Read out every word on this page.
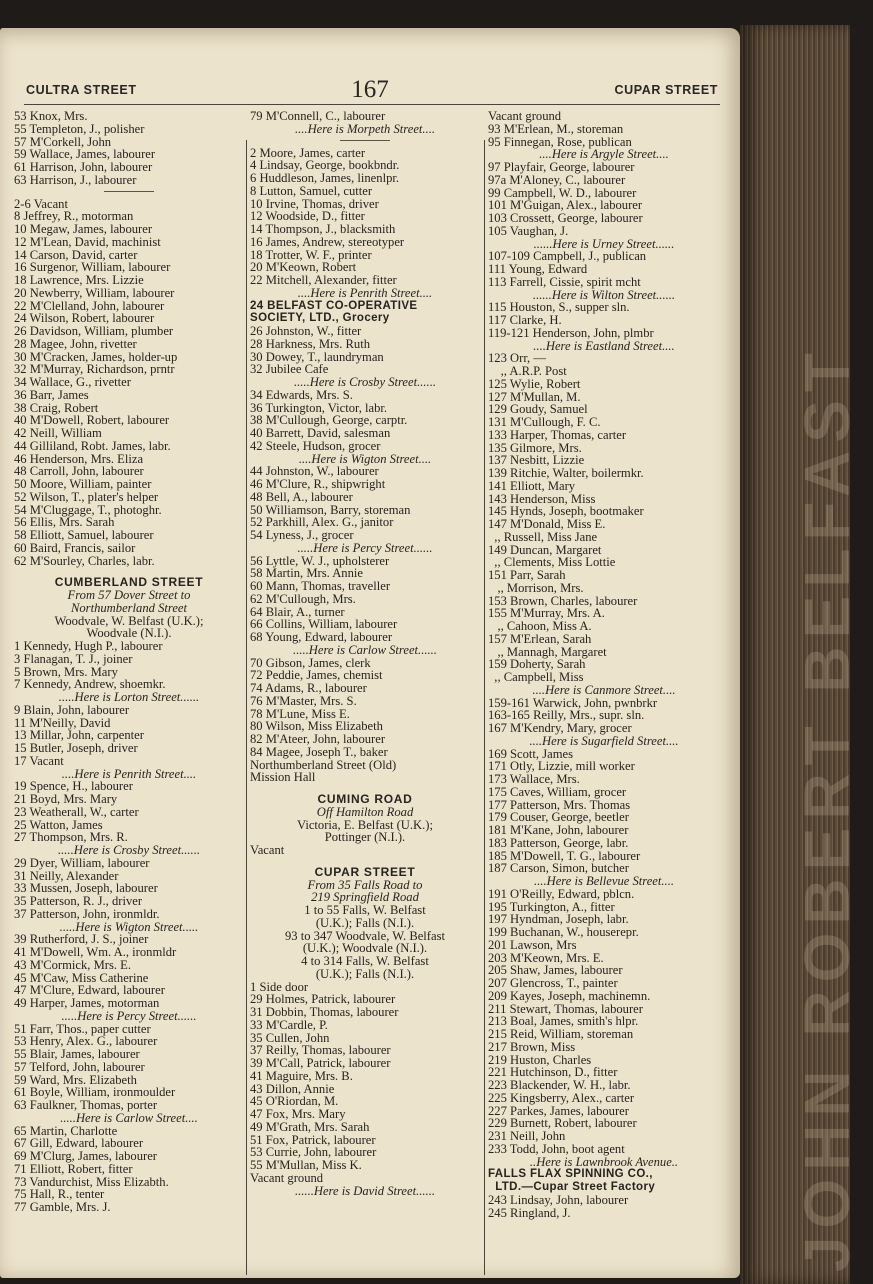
JOHN ROBERT BELFAST
CULTRA STREET	167	CUPAR STREET
53 Knox, Mrs.
55 Templeton, J., polisher
57 M'Corkell, John
59 Wallace, James, labourer
61 Harrison, John, labourer
63 Harrison, J., labourer
2-6 Vacant
8 Jeffrey, R., motorman
10 Megaw, James, labourer
12 M'Lean, David, machinist
14 Carson, David, carter
16 Surgenor, William, labourer
18 Lawrence, Mrs. Lizzie
20 Newberry, William, labourer
22 M'Clelland, John, labourer
24 Wilson, Robert, labourer
26 Davidson, William, plumber
28 Magee, John, rivetter
30 M'Cracken, James, holder-up
32 M'Murray, Richardson, prntr
34 Wallace, G., rivetter
36 Barr, James
38 Craig, Robert
40 M'Dowell, Robert, labourer
42 Neill, William
44 Gilliland, Robt. James, labr.
46 Henderson, Mrs. Eliza
48 Carroll, John, labourer
50 Moore, William, painter
52 Wilson, T., plater's helper
54 M'Cluggage, T., photoghr.
56 Ellis, Mrs. Sarah
58 Elliott, Samuel, labourer
60 Baird, Francis, sailor
62 M'Sourley, Charles, labr.
CUMBERLAND STREET
From 57 Dover Street to
Northumberland Street
Woodvale, W. Belfast (U.K.);
Woodvale (N.I.).
1 Kennedy, Hugh P., labourer
3 Flanagan, T. J., joiner
5 Brown, Mrs. Mary
7 Kennedy, Andrew, shoemkr.
.....Here is Lorton Street......
9 Blain, John, labourer
11 M'Neilly, David
13 Millar, John, carpenter
15 Butler, Joseph, driver
17 Vacant
....Here is Penrith Street....
19 Spence, H., labourer
21 Boyd, Mrs. Mary
23 Weatherall, W., carter
25 Watton, James
27 Thompson, Mrs. R.
.....Here is Crosby Street......
29 Dyer, William, labourer
31 Neilly, Alexander
33 Mussen, Joseph, labourer
35 Patterson, R. J., driver
37 Patterson, John, ironmldr.
.....Here is Wigton Street.....
39 Rutherford, J. S., joiner
41 M'Dowell, Wm. A., ironmldr
43 M'Cormick, Mrs. E.
45 M'Caw, Miss Catherine
47 M'Clure, Edward, labourer
49 Harper, James, motorman
.....Here is Percy Street......
51 Farr, Thos., paper cutter
53 Henry, Alex. G., labourer
55 Blair, James, labourer
57 Telford, John, labourer
59 Ward, Mrs. Elizabeth
61 Boyle, William, ironmoulder
63 Faulkner, Thomas, porter
.....Here is Carlow Street....
65 Martin, Charlotte
67 Gill, Edward, labourer
69 M'Clurg, James, labourer
71 Elliott, Robert, fitter
73 Vandurchist, Miss Elizabth.
75 Hall, R., tenter
77 Gamble, Mrs. J.
79 M'Connell, C., labourer
....Here is Morpeth Street....
2 Moore, James, carter
4 Lindsay, George, bookbndr.
6 Huddleson, James, linenlpr.
8 Lutton, Samuel, cutter
10 Irvine, Thomas, driver
12 Woodside, D., fitter
14 Thompson, J., blacksmith
16 James, Andrew, stereotyper
18 Trotter, W. F., printer
20 M'Keown, Robert
22 Mitchell, Alexander, fitter
....Here is Penrith Street....
24 BELFAST CO-OPERATIVE
SOCIETY, LTD., Grocery
26 Johnston, W., fitter
28 Harkness, Mrs. Ruth
30 Dowey, T., laundryman
32 Jubilee Cafe
.....Here is Crosby Street......
34 Edwards, Mrs. S.
36 Turkington, Victor, labr.
38 M'Cullough, George, carptr.
40 Barrett, David, salesman
42 Steele, Hudson, grocer
....Here is Wigton Street....
44 Johnston, W., labourer
46 M'Clure, R., shipwright
48 Bell, A., labourer
50 Williamson, Barry, storeman
52 Parkhill, Alex. G., janitor
54 Lyness, J., grocer
.....Here is Percy Street......
56 Lyttle, W. J., upholsterer
58 Martin, Mrs. Annie
60 Mann, Thomas, traveller
62 M'Cullough, Mrs.
64 Blair, A., turner
66 Collins, William, labourer
68 Young, Edward, labourer
.....Here is Carlow Street......
70 Gibson, James, clerk
72 Peddie, James, chemist
74 Adams, R., labourer
76 M'Master, Mrs. S.
78 M'Lune, Miss E.
80 Wilson, Miss Elizabeth
82 M'Ateer, John, labourer
84 Magee, Joseph T., baker
Northumberland Street (Old)
Mission Hall
CUMING ROAD
Off Hamilton Road
Victoria, E. Belfast (U.K.);
Pottinger (N.I.).
Vacant
CUPAR STREET
From 35 Falls Road to
219 Springfield Road
1 to 55 Falls, W. Belfast
(U.K.); Falls (N.I.).
93 to 347 Woodvale, W. Belfast
(U.K.); Woodvale (N.I.).
4 to 314 Falls, W. Belfast
(U.K.); Falls (N.I.).
1 Side door
29 Holmes, Patrick, labourer
31 Dobbin, Thomas, labourer
33 M'Cardle, P.
35 Cullen, John
37 Reilly, Thomas, labourer
39 M'Call, Patrick, labourer
41 Maguire, Mrs. B.
43 Dillon, Annie
45 O'Riordan, M.
47 Fox, Mrs. Mary
49 M'Grath, Mrs. Sarah
51 Fox, Patrick, labourer
53 Currie, John, labourer
55 M'Mullan, Miss K.
Vacant ground
......Here is David Street......
Vacant ground
93 M'Erlean, M., storeman
95 Finnegan, Rose, publican
....Here is Argyle Street....
97 Playfair, George, labourer
97a M'Aloney, C., labourer
99 Campbell, W. D., labourer
101 M'Guigan, Alex., labourer
103 Crossett, George, labourer
105 Vaughan, J.
......Here is Urney Street......
107-109 Campbell, J., publican
111 Young, Edward
113 Farrell, Cissie, spirit mcht
......Here is Wilton Street......
115 Houston, S., supper sln.
117 Clarke, H.
119-121 Henderson, John, plmbr
....Here is Eastland Street....
123 Orr, —
,, A.R.P. Post
125 Wylie, Robert
127 M'Mullan, M.
129 Goudy, Samuel
131 M'Cullough, F. C.
133 Harper, Thomas, carter
135 Gilmore, Mrs.
137 Nesbitt, Lizzie
139 Ritchie, Walter, boilermkr.
141 Elliott, Mary
143 Henderson, Miss
145 Hynds, Joseph, bootmaker
147 M'Donald, Miss E.
,, Russell, Miss Jane
149 Duncan, Margaret
,, Clements, Miss Lottie
151 Parr, Sarah
,, Morrison, Mrs.
153 Brown, Charles, labourer
155 M'Murray, Mrs. A.
,, Cahoon, Miss A.
157 M'Erlean, Sarah
,, Mannagh, Margaret
159 Doherty, Sarah
,, Campbell, Miss
....Here is Canmore Street....
159-161 Warwick, John, pwnbrkr
163-165 Reilly, Mrs., supr. sln.
167 M'Kendry, Mary, grocer
....Here is Sugarfield Street....
169 Scott, James
171 Otly, Lizzie, mill worker
173 Wallace, Mrs.
175 Caves, William, grocer
177 Patterson, Mrs. Thomas
179 Couser, George, beetler
181 M'Kane, John, labourer
183 Patterson, George, labr.
185 M'Dowell, T. G., labourer
187 Carson, Simon, butcher
....Here is Bellevue Street....
191 O'Reilly, Edward, pblcn.
195 Turkington, A., fitter
197 Hyndman, Joseph, labr.
199 Buchanan, W., houserepr.
201 Lawson, Mrs
203 M'Keown, Mrs. E.
205 Shaw, James, labourer
207 Glencross, T., painter
209 Kayes, Joseph, machinemn.
211 Stewart, Thomas, labourer
213 Boal, James, smith's hlpr.
215 Reid, William, storeman
217 Brown, Miss
219 Huston, Charles
221 Hutchinson, D., fitter
223 Blackender, W. H., labr.
225 Kingsberry, Alex., carter
227 Parkes, James, labourer
229 Burnett, Robert, labourer
231 Neill, John
233 Todd, John, boot agent
..Here is Lawnbrook Avenue..
FALLS FLAX SPINNING CO.,
LTD.—Cupar Street Factory
243 Lindsay, John, labourer
245 Ringland, J.
